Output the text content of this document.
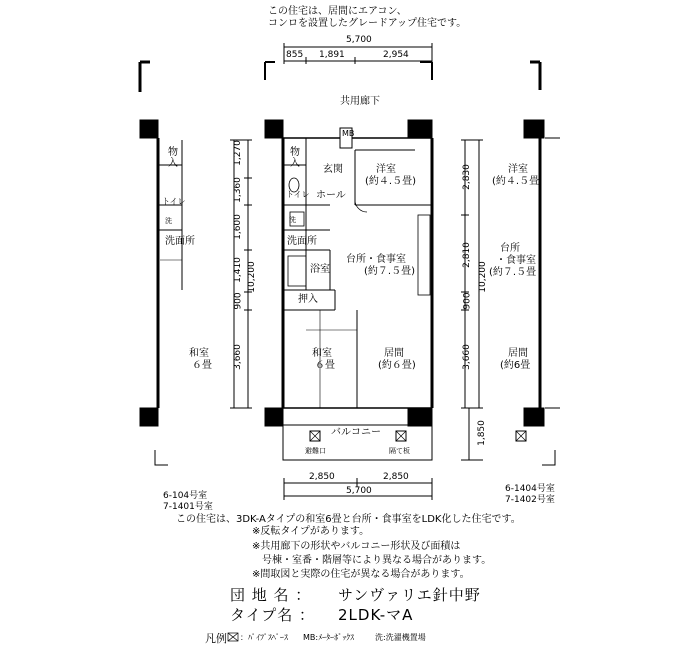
この住宅は、居間にエアコン、
コンロを設置したグレードアップ住宅です。
5,700
855 1,891	2,954
共用廊下
MB
物入
玄関
ホール
トイレ
洗
洗面所
浴室
押入
洋室
(約４.５畳)
台所・食事室
(約７.５畳)
和室
６畳
居間
(約６畳)
バルコニー
避難口	隔て板
物入
トイレ
洗
洗面所
和室
６畳
洋室
(約４.５畳
台所
・食事室
(約７.５畳
居間
(約6畳
1,270
1,360
1,600
1,410
900
3,660
10,200
2,830
2,810
900
3,660
10,200
1,850
2,850	2,850
5,700
6-104号室
7-1401号室
6-1404号室
7-1402号室
この住宅は、3DK-Aタイプの和室6畳と台所・食事室をLDK化した住宅です。
※反転タイプがあります。
※共用廊下の形状やバルコニー形状及び面積は
号棟・室番・階層等により異なる場合があります。
※間取図と実際の住宅が異なる場合があります。
団 地 名 ： サンヴァリエ針中野
タイプ名 ： 2LDK-マA
凡例 ：ﾊﾟｲﾌﾟｽﾍﾟｰｽ MB:ﾒｰﾀｰﾎﾞｯｸｽ	洗:洗濯機置場
